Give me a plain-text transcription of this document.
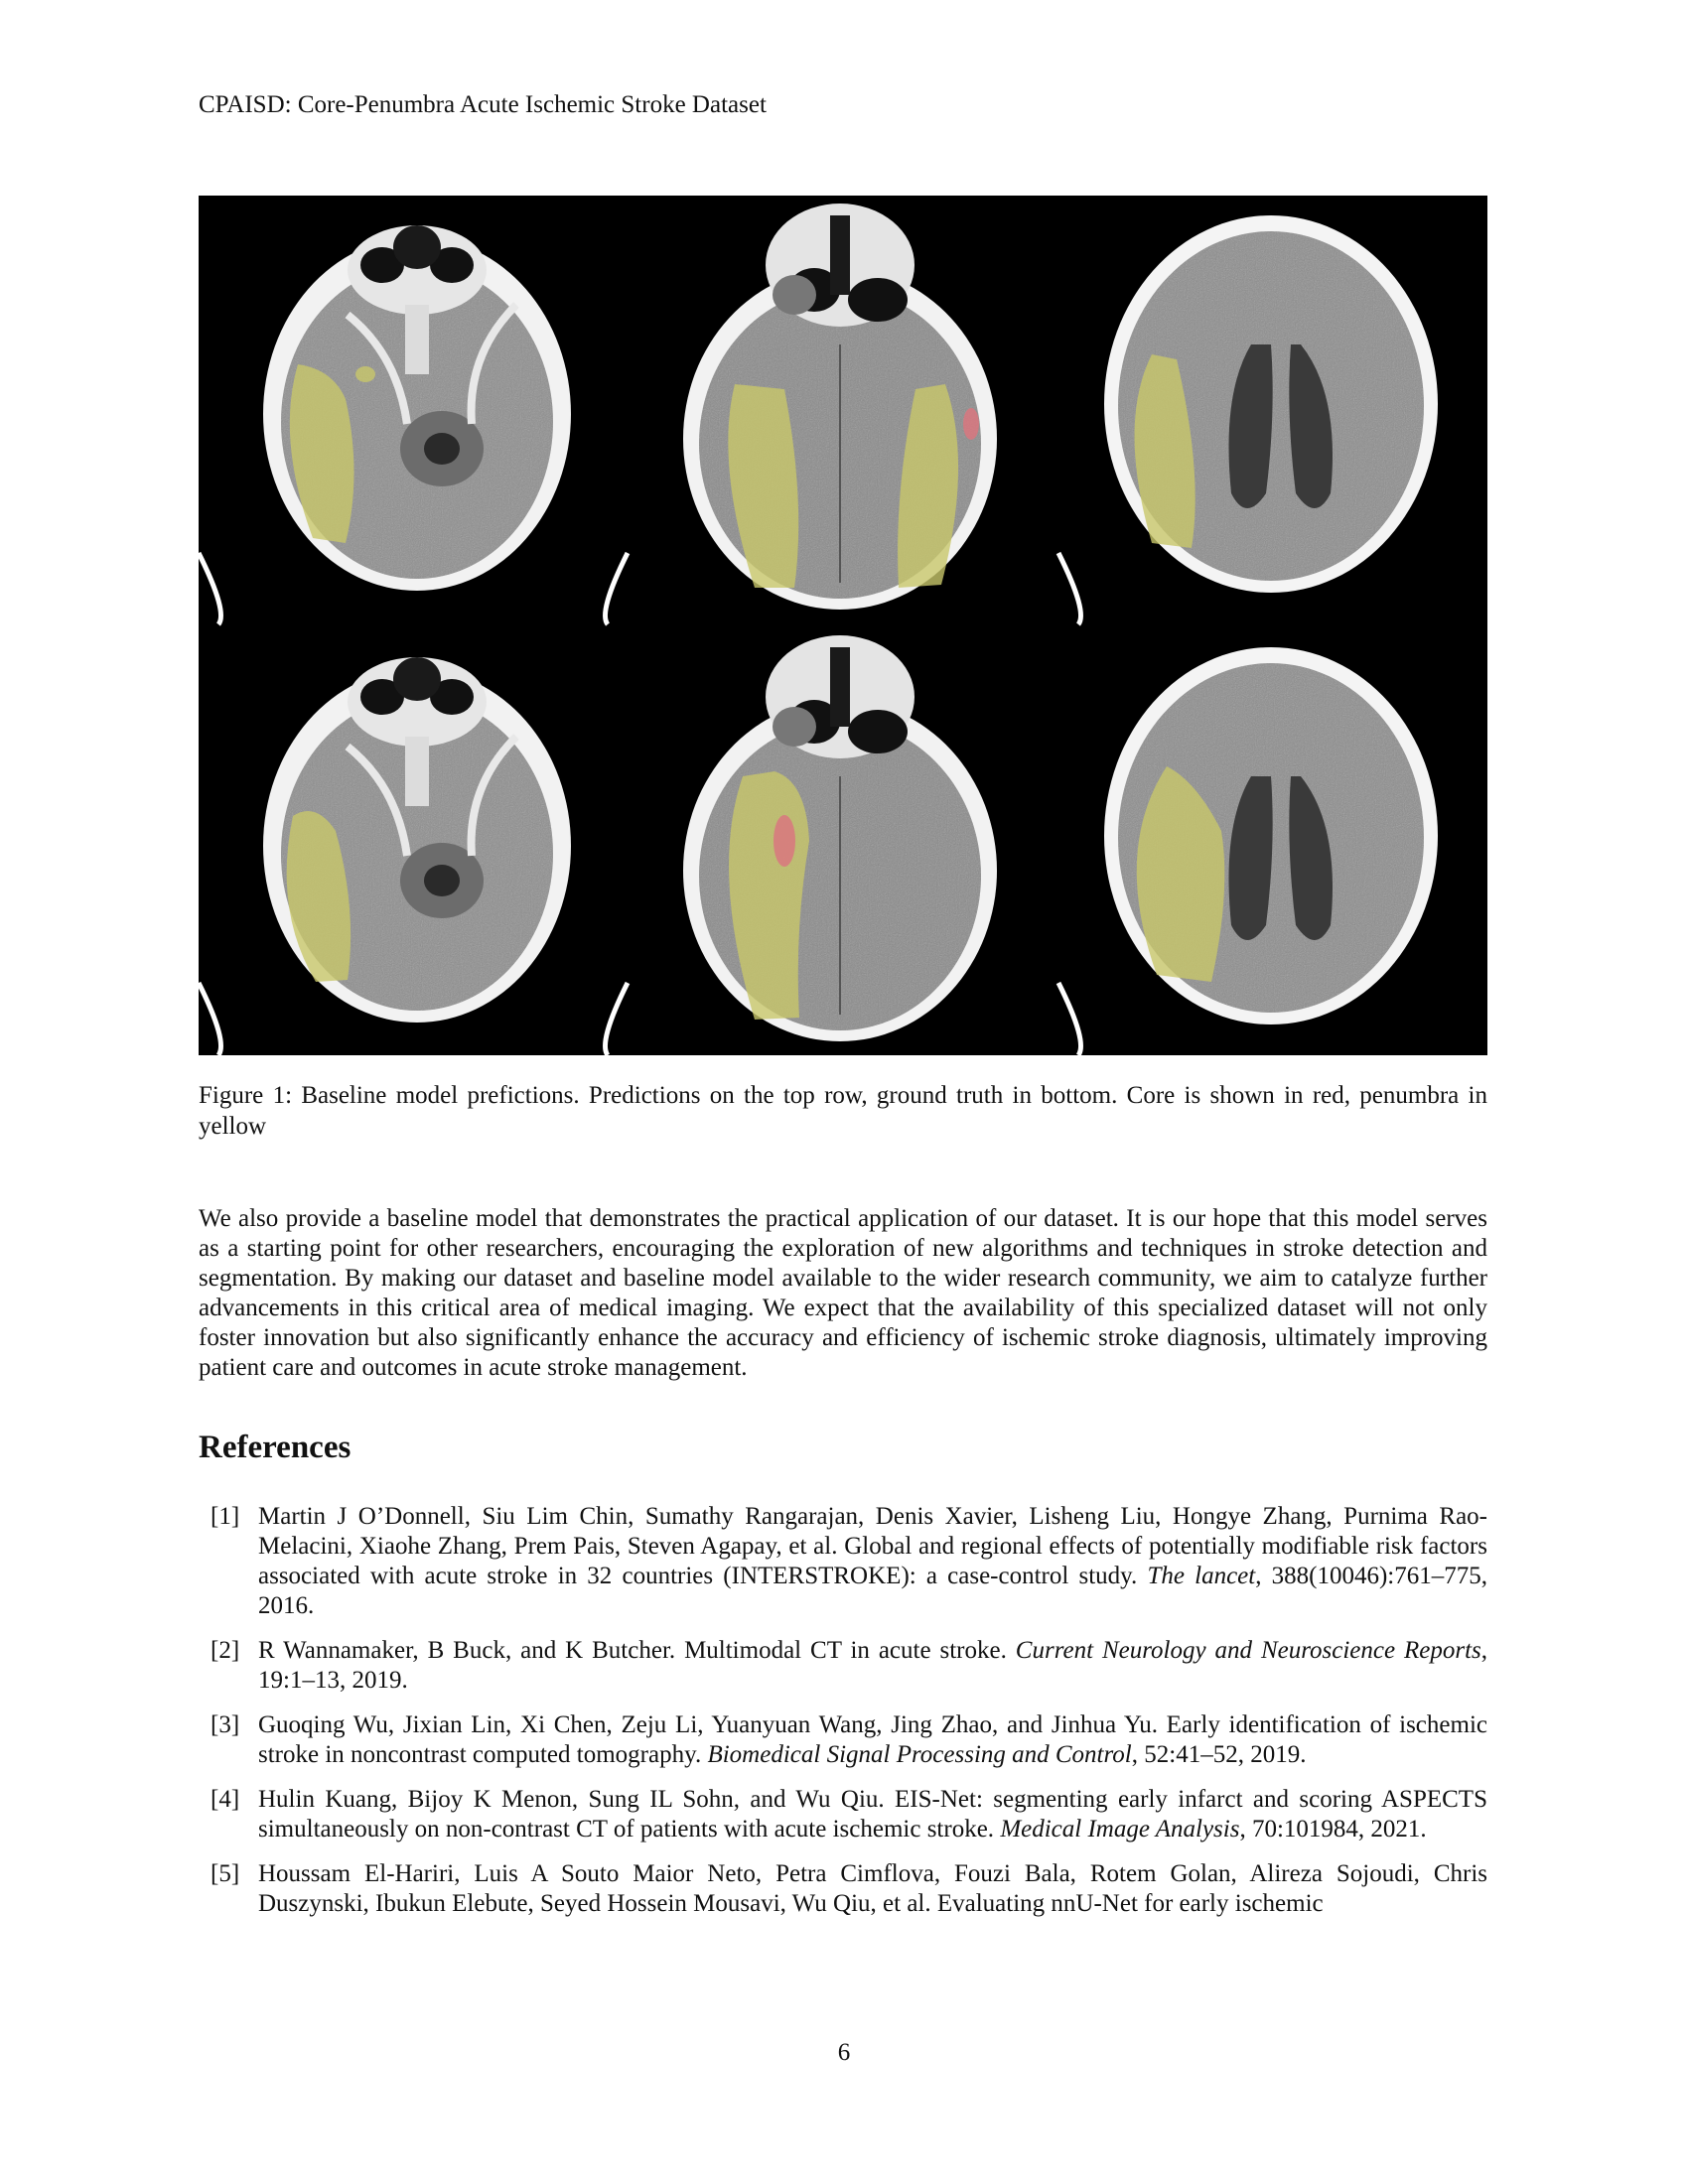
CPAISD: Core-Penumbra Acute Ischemic Stroke Dataset
Figure 1: Baseline model prefictions. Predictions on the top row, ground truth in bottom. Core is shown in red, penumbra in yellow

We also provide a baseline model that demonstrates the practical application of our dataset. It is our hope that this model serves as a starting point for other researchers, encouraging the exploration of new algorithms and techniques in stroke detection and segmentation. By making our dataset and baseline model available to the wider research community, we aim to catalyze further advancements in this critical area of medical imaging. We expect that the availability of this specialized dataset will not only foster innovation but also significantly enhance the accuracy and efficiency of ischemic stroke diagnosis, ultimately improving patient care and outcomes in acute stroke management.

References
[1] Martin J O’Donnell, Siu Lim Chin, Sumathy Rangarajan, Denis Xavier, Lisheng Liu, Hongye Zhang, Purnima Rao-Melacini, Xiaohe Zhang, Prem Pais, Steven Agapay, et al. Global and regional effects of potentially modifiable risk factors associated with acute stroke in 32 countries (INTERSTROKE): a case-control study. The lancet, 388(10046):761–775, 2016.
[2] R Wannamaker, B Buck, and K Butcher. Multimodal CT in acute stroke. Current Neurology and Neuroscience Reports, 19:1–13, 2019.
[3] Guoqing Wu, Jixian Lin, Xi Chen, Zeju Li, Yuanyuan Wang, Jing Zhao, and Jinhua Yu. Early identification of ischemic stroke in noncontrast computed tomography. Biomedical Signal Processing and Control, 52:41–52, 2019.
[4] Hulin Kuang, Bijoy K Menon, Sung IL Sohn, and Wu Qiu. EIS-Net: segmenting early infarct and scoring ASPECTS simultaneously on non-contrast CT of patients with acute ischemic stroke. Medical Image Analysis, 70:101984, 2021.
[5] Houssam El-Hariri, Luis A Souto Maior Neto, Petra Cimflova, Fouzi Bala, Rotem Golan, Alireza Sojoudi, Chris Duszynski, Ibukun Elebute, Seyed Hossein Mousavi, Wu Qiu, et al. Evaluating nnU-Net for early ischemic
6
